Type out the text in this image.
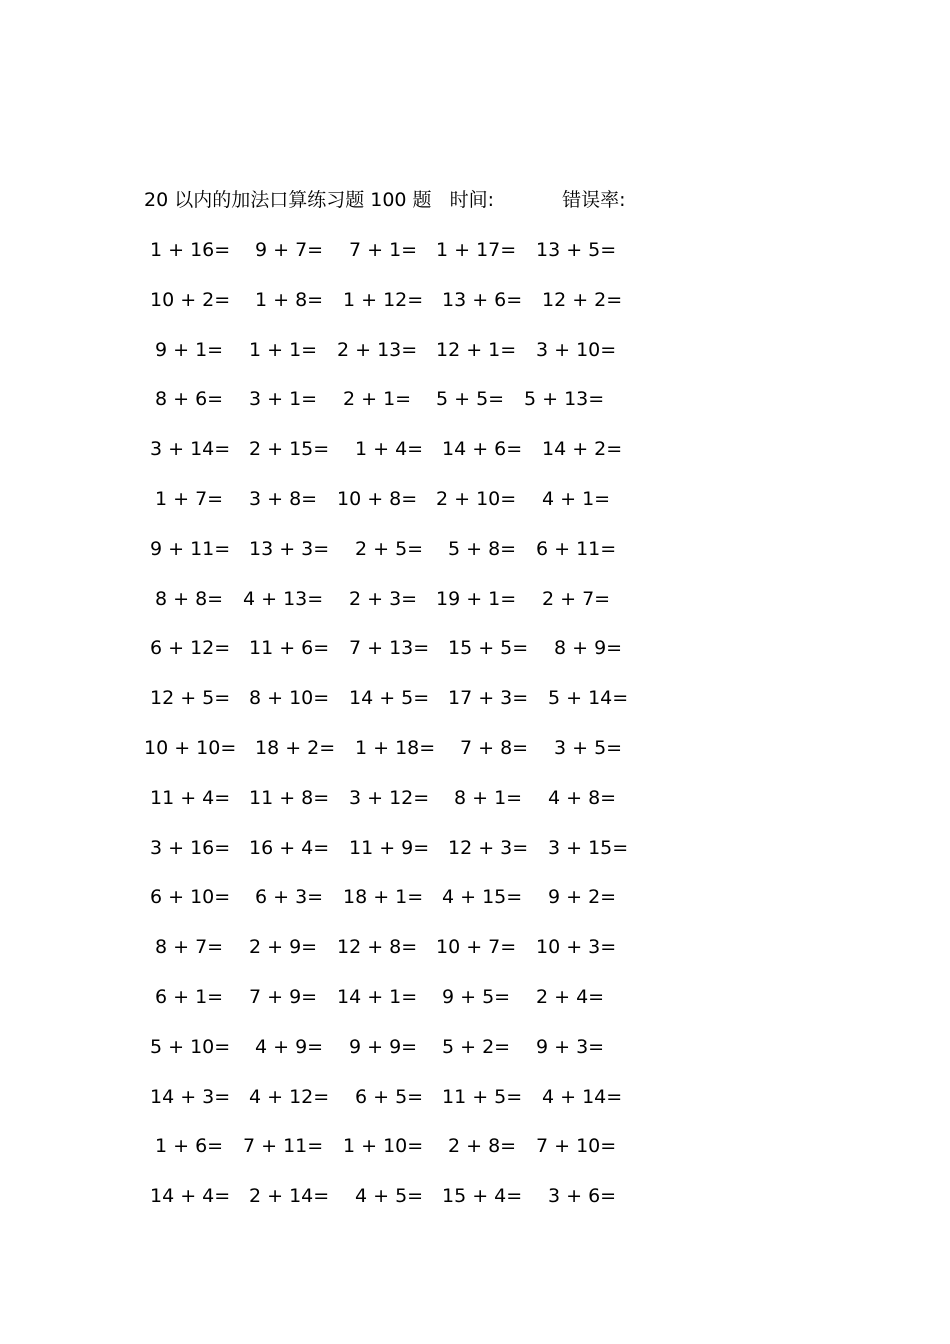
20 以内的加法口算练习题 100 题 时间:	错误率:
1 + 16= 9 + 7= 7 + 1= 1 + 17= 13 + 5=
10 + 2= 1 + 8= 1 + 12= 13 + 6= 12 + 2=
9 + 1= 1 + 1= 2 + 13= 12 + 1= 3 + 10=
8 + 6= 3 + 1= 2 + 1= 5 + 5= 5 + 13=
3 + 14= 2 + 15= 1 + 4= 14 + 6= 14 + 2=
1 + 7= 3 + 8= 10 + 8= 2 + 10= 4 + 1=
9 + 11= 13 + 3= 2 + 5= 5 + 8= 6 + 11=
8 + 8= 4 + 13= 2 + 3= 19 + 1= 2 + 7=
6 + 12= 11 + 6= 7 + 13= 15 + 5= 8 + 9=
12 + 5= 8 + 10= 14 + 5= 17 + 3= 5 + 14=
10 + 10= 18 + 2= 1 + 18= 7 + 8= 3 + 5=
11 + 4= 11 + 8= 3 + 12= 8 + 1= 4 + 8=
3 + 16= 16 + 4= 11 + 9= 12 + 3= 3 + 15=
6 + 10= 6 + 3= 18 + 1= 4 + 15= 9 + 2=
8 + 7= 2 + 9= 12 + 8= 10 + 7= 10 + 3=
6 + 1= 7 + 9= 14 + 1= 9 + 5= 2 + 4=
5 + 10= 4 + 9= 9 + 9= 5 + 2= 9 + 3=
14 + 3= 4 + 12= 6 + 5= 11 + 5= 4 + 14=
1 + 6= 7 + 11= 1 + 10= 2 + 8= 7 + 10=
14 + 4= 2 + 14= 4 + 5= 15 + 4= 3 + 6=
